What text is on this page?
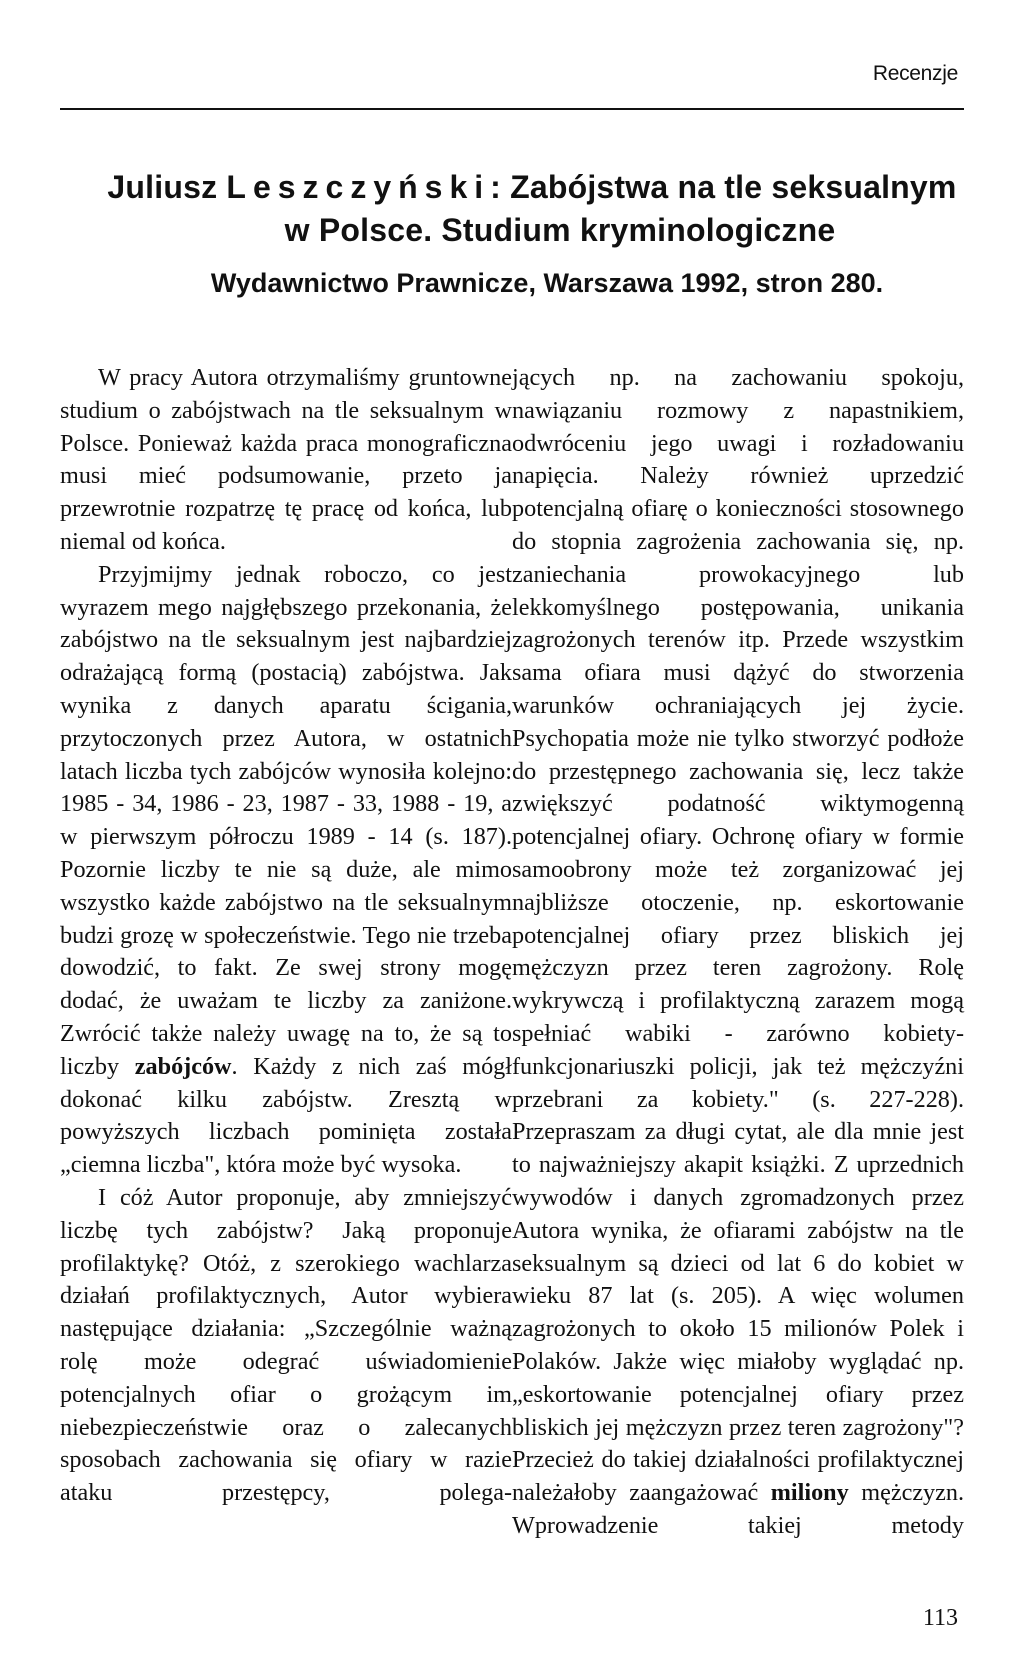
Recenzje
Juliusz Leszczyński: Zabójstwa na tle seksualnym
w Polsce. Studium kryminologiczne
Wydawnictwo Prawnicze, Warszawa 1992, stron 280.

W pracy Autora otrzymaliśmy gruntowne studium o zabójstwach na tle seksualnym w Polsce. Ponieważ każda praca monograficzna musi mieć podsumowanie, przeto ja przewrotnie rozpatrzę tę pracę od końca, lub niemal od końca.

Przyjmijmy jednak roboczo, co jest wyrazem mego najgłębszego przekonania, że zabójstwo na tle seksualnym jest najbardziej odrażającą formą (postacią) zabójstwa. Jak wynika z danych aparatu ścigania, przytoczonych przez Autora, w ostatnich latach liczba tych zabójców wynosiła kolejno: 1985 - 34, 1986 - 23, 1987 - 33, 1988 - 19, a w pierwszym półroczu 1989 - 14 (s. 187). Pozornie liczby te nie są duże, ale mimo wszystko każde zabójstwo na tle seksualnym budzi grozę w społeczeństwie. Tego nie trzeba dowodzić, to fakt. Ze swej strony mogę dodać, że uważam te liczby za zaniżone. Zwrócić także należy uwagę na to, że są to liczby zabójców. Każdy z nich zaś mógł dokonać kilku zabójstw. Zresztą w powyższych liczbach pominięta została „ciemna liczba", która może być wysoka.

I cóż Autor proponuje, aby zmniejszyć liczbę tych zabójstw? Jaką proponuje profilaktykę? Otóż, z szerokiego wachlarza działań profilaktycznych, Autor wybiera następujące działania: „Szczególnie ważną rolę może odegrać uświadomienie potencjalnych ofiar o grożącym im niebezpieczeństwie oraz o zalecanych sposobach zachowania się ofiary w razie ataku przestępcy, polega-

jących np. na zachowaniu spokoju, nawiązaniu rozmowy z napastnikiem, odwróceniu jego uwagi i rozładowaniu napięcia. Należy również uprzedzić potencjalną ofiarę o konieczności stosownego do stopnia zagrożenia zachowania się, np. zaniechania prowokacyjnego lub lekkomyślnego postępowania, unikania zagrożonych terenów itp. Przede wszystkim sama ofiara musi dążyć do stworzenia warunków ochraniających jej życie. Psychopatia może nie tylko stworzyć podłoże do przestępnego zachowania się, lecz także zwiększyć podatność wiktymogenną potencjalnej ofiary. Ochronę ofiary w formie samoobrony może też zorganizować jej najbliższe otoczenie, np. eskortowanie potencjalnej ofiary przez bliskich jej mężczyzn przez teren zagrożony. Rolę wykrywczą i profilaktyczną zarazem mogą spełniać wabiki - zarówno kobiety-funkcjonariuszki policji, jak też mężczyźni przebrani za kobiety." (s. 227-228). Przepraszam za długi cytat, ale dla mnie jest to najważniejszy akapit książki. Z uprzednich wywodów i danych zgromadzonych przez Autora wynika, że ofiarami zabójstw na tle seksualnym są dzieci od lat 6 do kobiet w wieku 87 lat (s. 205). A więc wolumen zagrożonych to około 15 milionów Polek i Polaków. Jakże więc miałoby wyglądać np. „eskortowanie potencjalnej ofiary przez bliskich jej mężczyzn przez teren zagrożony"? Przecież do takiej działalności profilaktycznej należałoby zaangażować miliony mężczyzn. Wprowadzenie takiej metody

113
